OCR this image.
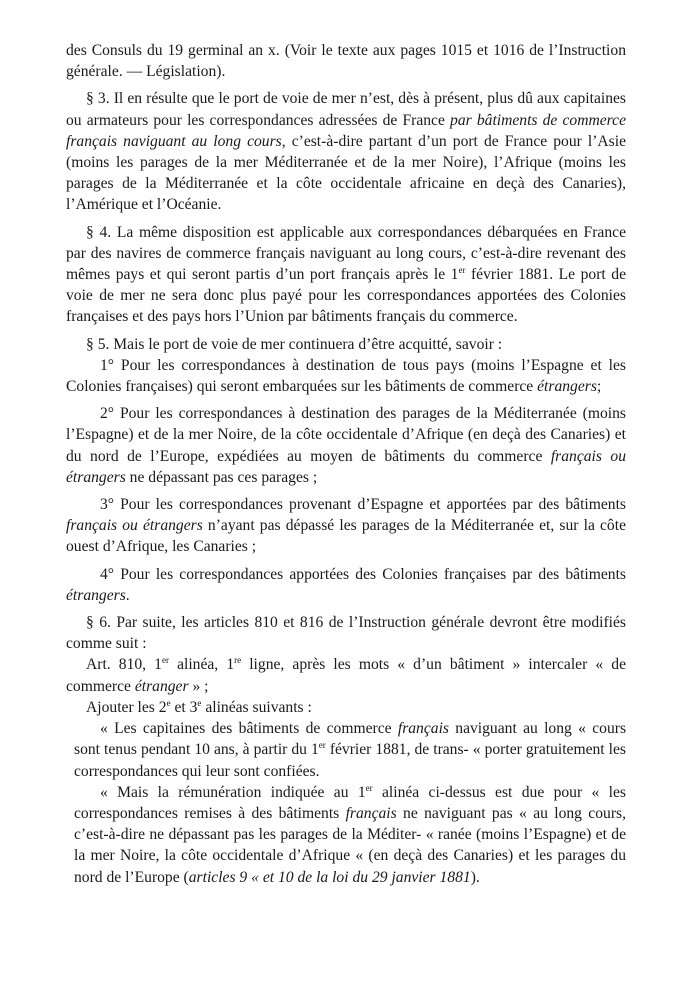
des Consuls du 19 germinal an x. (Voir le texte aux pages 1015 et 1016 de l’Instruction générale. — Législation).

§ 3. Il en résulte que le port de voie de mer n’est, dès à présent, plus dû aux capitaines ou armateurs pour les correspondances adressées de France par bâtiments de commerce français naviguant au long cours, c’est-à-dire partant d’un port de France pour l’Asie (moins les parages de la mer Méditerranée et de la mer Noire), l’Afrique (moins les parages de la Méditerranée et la côte occidentale africaine en deçà des Canaries), l’Amérique et l’Océanie.

§ 4. La même disposition est applicable aux correspondances débarquées en France par des navires de commerce français naviguant au long cours, c’est-à-dire revenant des mêmes pays et qui seront partis d’un port français après le 1er février 1881. Le port de voie de mer ne sera donc plus payé pour les correspondances apportées des Colonies françaises et des pays hors l’Union par bâtiments français du commerce.

§ 5. Mais le port de voie de mer continuera d’être acquitté, savoir :

1° Pour les correspondances à destination de tous pays (moins l’Espagne et les Colonies françaises) qui seront embarquées sur les bâtiments de commerce étrangers;

2° Pour les correspondances à destination des parages de la Méditerranée (moins l’Espagne) et de la mer Noire, de la côte occidentale d’Afrique (en deçà des Canaries) et du nord de l’Europe, expédiées au moyen de bâtiments du commerce français ou étrangers ne dépassant pas ces parages ;

3° Pour les correspondances provenant d’Espagne et apportées par des bâtiments français ou étrangers n’ayant pas dépassé les parages de la Méditerranée et, sur la côte ouest d’Afrique, les Canaries ;

4° Pour les correspondances apportées des Colonies françaises par des bâtiments étrangers.

§ 6. Par suite, les articles 810 et 816 de l’Instruction générale devront être modifiés comme suit :

Art. 810, 1er alinéa, 1re ligne, après les mots « d’un bâtiment » intercaler « de commerce étranger » ;

Ajouter les 2e et 3e alinéas suivants :

« Les capitaines des bâtiments de commerce français naviguant au long « cours sont tenus pendant 10 ans, à partir du 1er février 1881, de trans- « porter gratuitement les correspondances qui leur sont confiées.

« Mais la rémunération indiquée au 1er alinéa ci-dessus est due pour « les correspondances remises à des bâtiments français ne naviguant pas « au long cours, c’est-à-dire ne dépassant pas les parages de la Méditer- « ranée (moins l’Espagne) et de la mer Noire, la côte occidentale d’Afrique « (en deçà des Canaries) et les parages du nord de l’Europe (articles 9 « et 10 de la loi du 29 janvier 1881).
